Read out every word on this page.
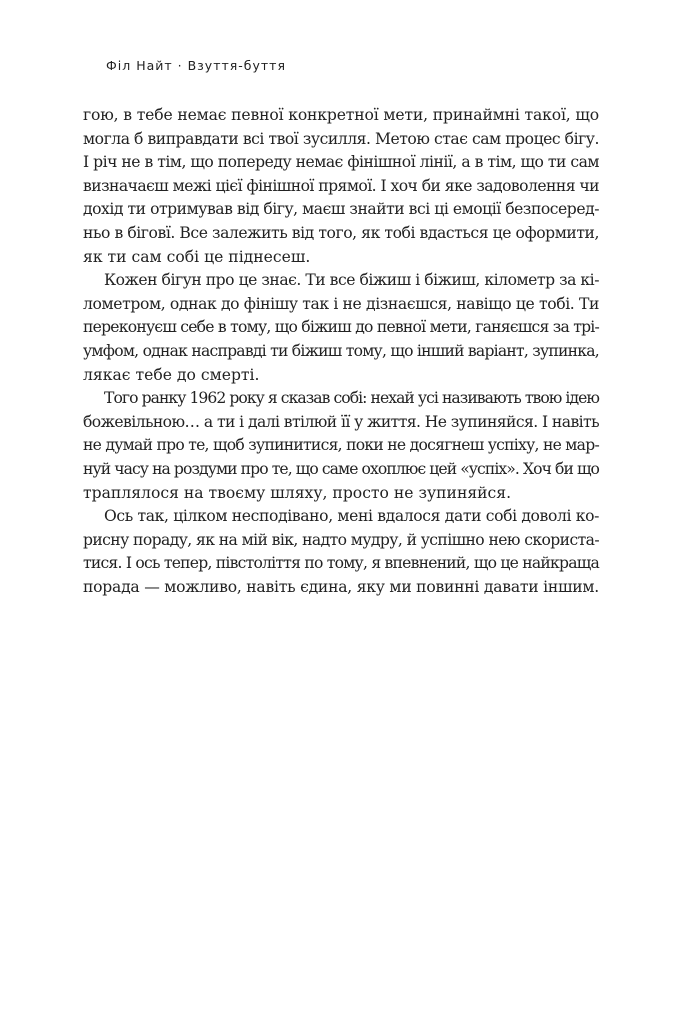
Філ Найт · Взуття-буття
гою, в тебе немає певної конкретної мети, принаймні такої, що
могла б виправдати всі твої зусилля. Метою стає сам процес бігу.
І річ не в тім, що попереду немає фінішної лінії, а в тім, що ти сам
визначаєш межі цієї фінішної прямої. І хоч би яке задоволення чи
дохід ти отримував від бігу, маєш знайти всі ці емоції безпосеред-
ньо в біговї. Все залежить від того, як тобі вдасться це оформити,
як ти сам собі це піднесеш.
Кожен бігун про це знає. Ти все біжиш і біжиш, кілометр за кі-
лометром, однак до фінішу так і не дізнаєшся, навіщо це тобі. Ти
переконуєш себе в тому, що біжиш до певної мети, ганяєшся за трі-
умфом, однак насправді ти біжиш тому, що інший варіант, зупинка,
лякає тебе до смерті.
Того ранку 1962 року я сказав собі: нехай усі називають твою ідею
божевільною… а ти і далі втілюй її у життя. Не зупиняйся. І навіть
не думай про те, щоб зупинитися, поки не досягнеш успіху, не мар-
нуй часу на роздуми про те, що саме охоплює цей «успіх». Хоч би що
траплялося на твоєму шляху, просто не зупиняйся.
Ось так, цілком несподівано, мені вдалося дати собі доволі ко-
рисну пораду, як на мій вік, надто мудру, й успішно нею скориста-
тися. І ось тепер, півстоліття по тому, я впевнений, що це найкраща
порада — можливо, навіть єдина, яку ми повинні давати іншим.
